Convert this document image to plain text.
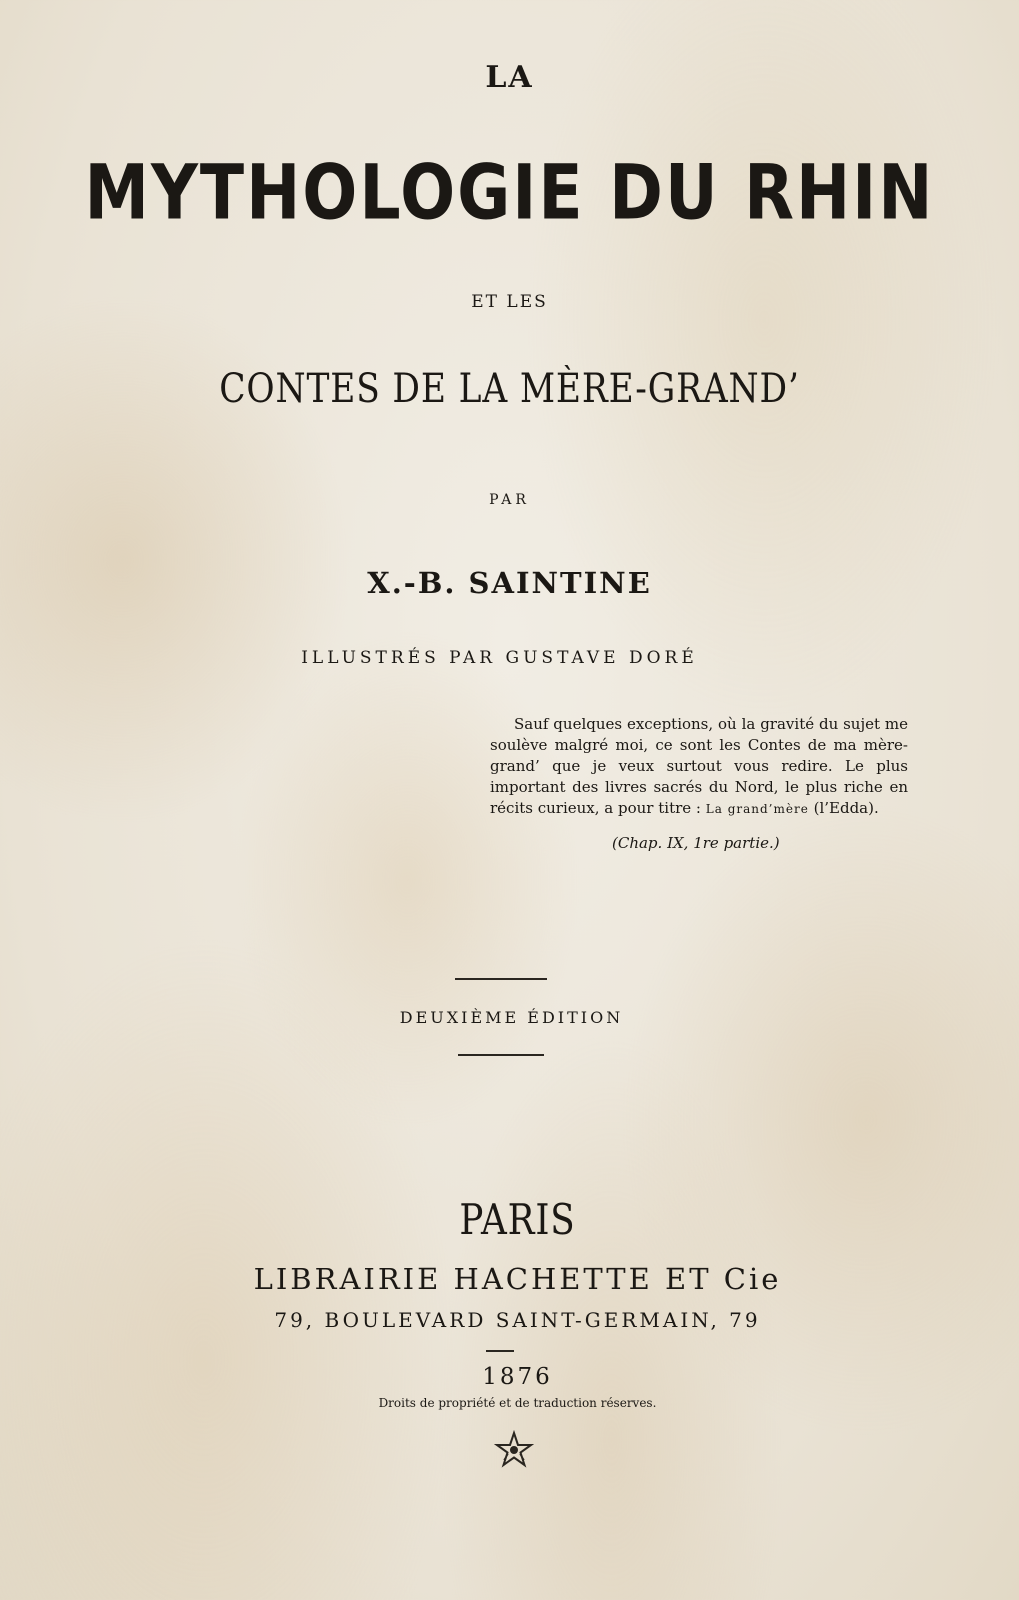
LA
MYTHOLOGIE DU RHIN
ET LES
CONTES DE LA MÈRE-GRAND’
PAR
X.-B. SAINTINE
ILLUSTRÉS PAR GUSTAVE DORÉ
Sauf quelques exceptions, où la gravité du sujet me soulève malgré moi, ce sont les Contes de ma mère-grand’ que je veux surtout vous redire. Le plus important des livres sacrés du Nord, le plus riche en récits curieux, a pour titre : La grand’mère (l’Edda).
(Chap. IX, 1re partie.)
DEUXIÈME ÉDITION
PARIS
LIBRAIRIE HACHETTE ET Cie
79, BOULEVARD SAINT-GERMAIN, 79
1876
Droits de propriété et de traduction réserves.
